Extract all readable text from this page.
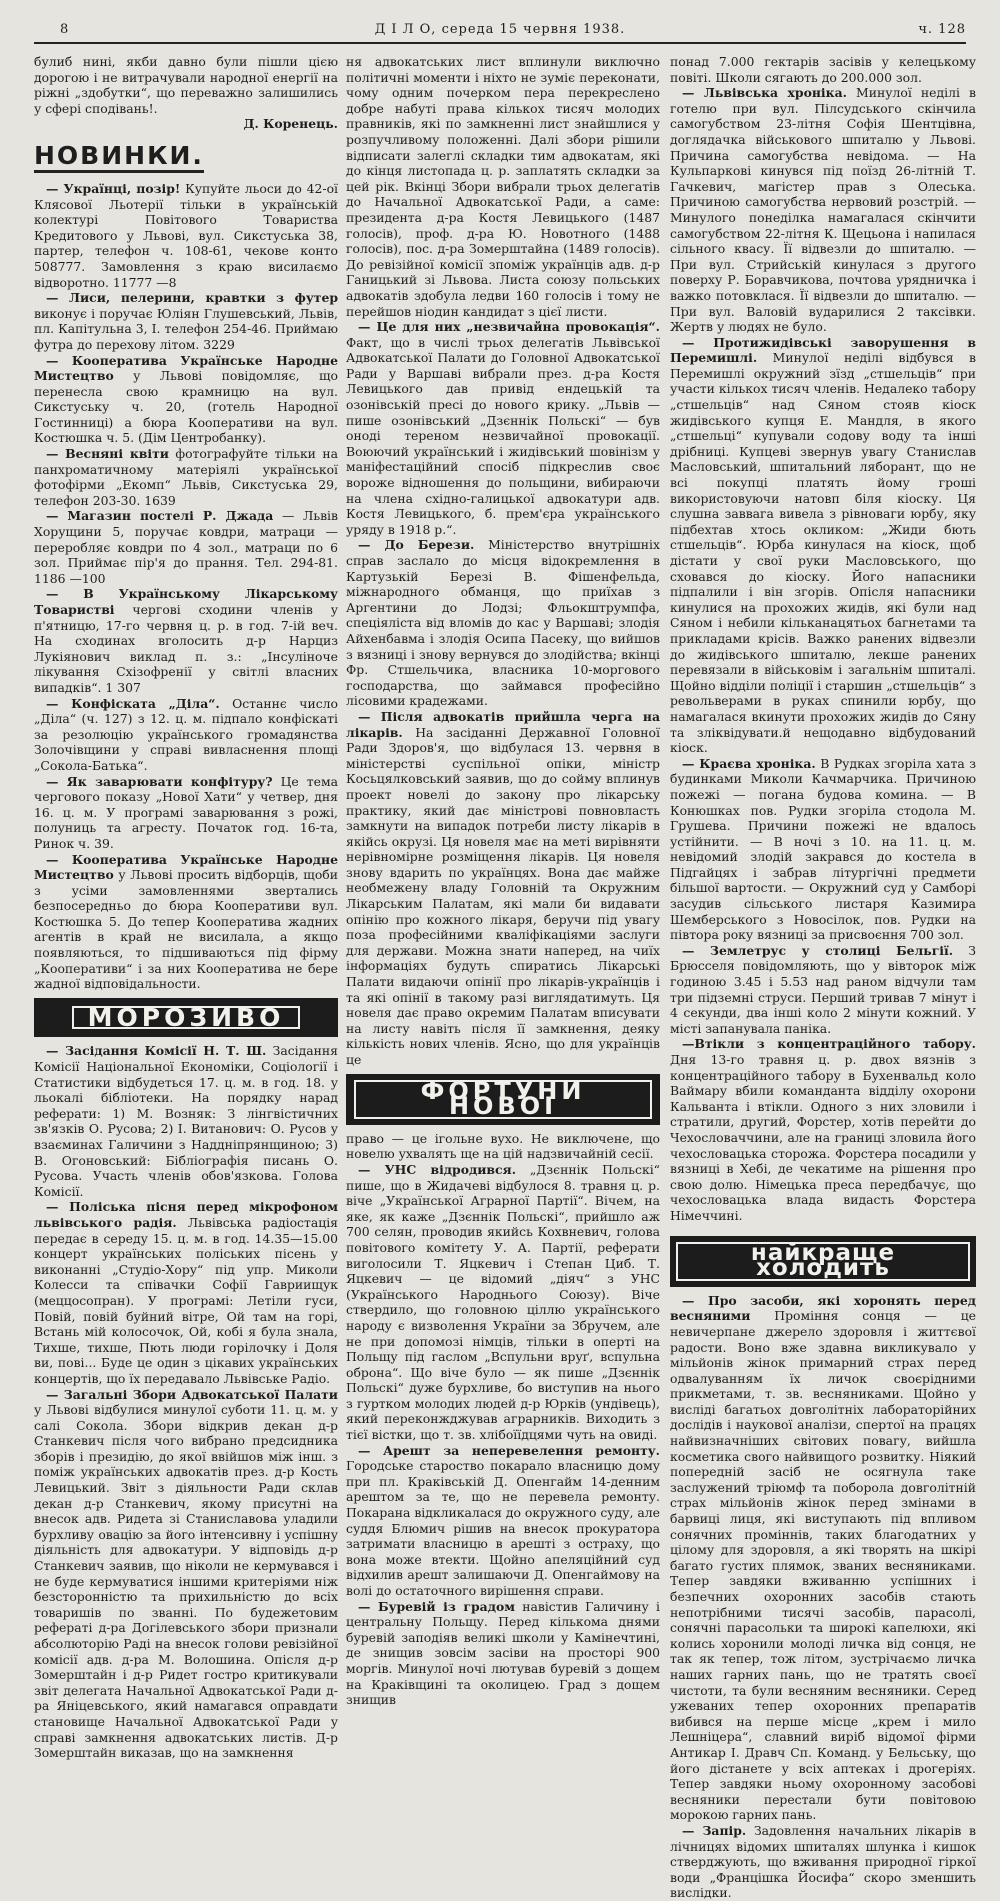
8	Д І Л О, середа 15 червня 1938.	ч. 128

булиб нині, якби давно були пішли цією дорогою і не витрачували народної енергії на ріжні „здобутки“, що переважно залишились у сфері сподівань!.

Д. Коренець.
НОВИНКИ.

— Українці, позір! Купуйте льоси до 42-ої Клясової Льотерії тільки в українській колектурі Повітового Товариства Кредитового у Львові, вул. Сикстуська 38, партер, телефон ч. 108-61, чекове конто 508777. Замовлення з краю висилаємо відворотно. 11777 —8

— Лиси, пелерини, кравтки з футер виконує і поручає Юліян Глушевський, Львів, пл. Капітульна 3, І. телефон 254-46. Приймаю футра до перехову літом. 3229

— Кооператива Українське Народне Мистецтво у Львові повідомляє, що перенесла свою крамницю на вул. Сикстуську ч. 20, (готель Народної Гостинниці) а бюра Кооперативи на вул. Костюшка ч. 5. (Дім Центробанку).

— Весняні квіти фотографуйте тільки на панхроматичному матеріялі української фотофірми „Екомп“ Львів, Сикстуська 29, телефон 203-30. 1639

— Магазин постелі Р. Джада — Львів Хорущини 5, поручає ковдри, матраци — переробляє ковдри по 4 зол., матраци по 6 зол. Приймає пір'я до прання. Тел. 294-81. 1186 —100

— В Українському Лікарському Товаристві чергові сходини членів у п'ятницю, 17-го червня ц. р. в год. 7-ій веч. На сходинах вголосить д-р Нарциз Лукіянович виклад п. з.: „Інсуліноче лікування Схізофренії у світлі власних випадків“. 1 307

— Конфіската „Діла“. Останнє число „Діла“ (ч. 127) з 12. ц. м. підпало конфіскаті за резолюцію українського громадянства Золочівщини у справі вивласнення площі „Сокола-Батька“.

— Як заварювати конфітуру? Це тема чергового показу „Нової Хати“ у четвер, дня 16. ц. м. У програмі заварювання з рожі, полуниць та агресту. Початок год. 16-та, Ринок ч. 39.

— Кооператива Українське Народне Мистецтво у Львові просить відборців, щоби з усіми замовленнями звертались безпосередньо до бюра Кооперативи вул. Костюшка 5. До тепер Кооператива жадних агентів в край не висилала, а якщо появляються, то підшиваються під фірму „Кооперативи“ і за них Кооператива не бере жадної відповідальности.

МОРОЗИВО

— Засідання Комісії Н. Т. Ш. Засідання Комісії Національної Економіки, Соціології і Статистики відбудеться 17. ц. м. в год. 18. у льокалі бібліотеки. На порядку нарад реферати: 1) М. Возняк: З лінгвістичних зв'язків О. Русова; 2) І. Витанович: О. Русов у взаєминах Галичини з Наддніпрянщиною; 3) В. Огоновський: Бібліографія писань О. Русова. Участь членів обов'язкова. Голова Комісії.

— Поліська пісня перед мікрофоном львівського радія. Львівська радіостація передає в середу 15. ц. м. в год. 14.35—15.00 концерт українських поліських пісень у виконанні „Студіо-Хору“ під упр. Миколи Колесси та співачки Софії Гавриищук (меццосопран). У програмі: Летіли гуси, Повій, повій буйний вітре, Ой там на горі, Встань мій колосочок, Ой, кобі я була знала, Тихше, тихше, Пють люди горілочку і Доля ви, пові... Буде це один з цікавих українських концертів, що їх передавало Львівське Радіо.

— Загальні Збори Адвокатської Палати у Львові відбулися минулої суботи 11. ц. м. у салі Сокола. Збори відкрив декан д-р Станкевич після чого вибрано предсидника зборів і президію, до якої ввійшов між інш. з поміж українських адвокатів през. д-р Кость Левицький. Звіт з діяльности Ради склав декан д-р Станкевич, якому присутні на внесок адв. Ридета зі Станиславова уладили бурхливу овацію за його інтенсивну і успішну діяльність для адвокатури. У відповідь д-р Станкевич заявив, що ніколи не кермувався і не буде кермуватися іншими критеріями ніж безсторонністю та прихильністю до всіх товаришів по званні. По будежетовим рефераті д-ра Догілевського збори признали абсолюторію Раді на внесок голови ревізійної комісії адв. д-ра М. Волошина. Опісля д-р Зомерштайн і д-р Ридет гостро критикували звіт делегата Начальної Адвокатської Ради д-ра Яніцевського, який намагався оправдати становище Начальної Адвокатської Ради у справі замкнення адвокатських листів. Д-р Зомерштайн виказав, що на замкнення

ня адвокатських лист вплинули виключно політичні моменти і ніхто не зуміє переконати, чому одним почерком пера перекреслено добре набуті права кількох тисяч молодих правників, які по замкненні лист знайшлися у розпучливому положенні. Далі збори рішили відписати залеглі складки тим адвокатам, які до кінця листопада ц. р. заплатять складки за цей рік. Вкінці Збори вибрали трьох делегатів до Начальної Адвокатської Ради, а саме: президента д-ра Костя Левицького (1487 голосів), проф. д-ра Ю. Новотного (1488 голосів), пос. д-ра Зомерштайна (1489 голосів). До ревізійної комісії зпоміж українців адв. д-р Ганицький зі Львова. Листа союзу польських адвокатів здобула ледви 160 голосів і тому не перейшов ніодин кандидат з цієї листи.

— Це для них „незвичайна провокація“. Факт, що в числі трьох делегатів Львівської Адвокатської Палати до Головної Адвокатської Ради у Варшаві вибрали през. д-ра Костя Левицького дав привід ендецькій та озонівській пресі до нового крику. „Львів — пише озонівський „Дзєннік Польскі“ — був оноді тереном незвичайної провокації. Воюючий український і жидівський шовінізм у маніфестаційний спосіб підкреслив своє вороже відношення до польщини, вибираючи на члена східно-галицької адвокатури адв. Костя Левицького, б. прем'єра українського уряду в 1918 р.“.

— До Берези. Міністерство внутрішніх справ заслало до місця відокремлення в Картузькій Березі В. Фішенфельда, міжнародного обманця, що приїхав з Аргентини до Лодзі; Фльокштрумпфа, спеціяліста від вломів до кас у Варшаві; злодія Айхенбавма і злодія Осипа Пасеку, що вийшов з вязниці і знову вернувся до злодійства; вкінці Фр. Стшельчика, власника 10-моргового господарства, що займався професійно лісовими крадежами.

— Після адвокатів прийшла черга на лікарів. На засіданні Державної Головної Ради Здоров'я, що відбулася 13. червня в міністерстві суспільної опіки, міністр Косьцялковський заявив, що до сойму вплинув проект новелі до закону про лікарську практику, який дає міністрові повновласть замкнути на випадок потреби листу лікарів в якійсь окрузі. Ця новеля має на меті вирівняти нерівномірне розміщення лікарів. Ця новеля знову вдарить по українцях. Вона дає майже необмежену владу Головній та Окружним Лікарським Палатам, які мали би видавати опінію про кожного лікаря, беручи під увагу поза професійними кваліфікаціями заслуги для держави. Можна знати наперед, на чиїх інформаціях будуть спиратись Лікарські Палати видаючи опінії про лікарів-українців і та які опінії в такому разі виглядатимуть. Ця новеля дає право окремим Палатам вписувати на листу навіть після її замкнення, деяку кількість нових членів. Ясно, що для українців це

ФОРТУНИ НОВОІ

право — це ігольне вухо. Не виключене, що новелю ухвалять ще на цій надзвичайній сесії.

— УНС відродився. „Дзєннік Польскі“ пише, що в Жидачеві відбулося 8. травня ц. р. віче „Української Аграрної Партії“. Вічем, на яке, як каже „Дзєннік Польскі“, прийшло аж 700 селян, проводив якийсь Кохвневич, голова повітового комітету У. А. Партії, реферати виголосили Т. Яцкевич і Степан Циб. Т. Яцкевич — це відомий „діяч“ з УНС (Українського Народнього Союзу). Віче ствердило, що головною ціллю українського народу є визволення України за Збручем, але не при допомозі німців, тільки в опертi на Польщу під гаслом „Вспульни вруґ, вспульна оброна“. Що віче було — як пише „Дзєннік Польскі“ дуже бурхливе, бо виступив на нього з гуртком молодих людей д-р Юрків (ундівець), який переконжджував аграрників. Виходить з тієї вістки, що т. зв. хлібоїїдцями чуть на овиді.

— Арешт за неперевелення ремонту. Городське староство покарало власницю дому при пл. Краківській Д. Опенгайм 14-денним арештом за те, що не перевела ремонту. Покарана відкликалася до окружного суду, але суддя Блюмич рішив на внесок прокуратора затримати власницю в арешті з остраху, що вона може втекти. Щойно апеляційний суд відхилив арешт залишаючи Д. Опенгаймову на волі до остаточного вирішення справи.

— Буревій із градом навістив Галичину і центральну Польщу. Перед кількома днями буревій заподіяв великі школи у Камінечтині, де знищив зовсім засіви на просторі 900 моргів. Минулої ночі лютував буревій з дощем на Краківщині та околицею. Град з дощем знищив

понад 7.000 гектарів засівів у келецькому повіті. Школи сягають до 200.000 зол.

— Львівська хроніка. Минулої неділі в готелю при вул. Пілсудського скінчила самогубством 23-літня Софія Шентцівна, доглядачка військового шпиталю у Львові. Причина самогубства невідома. — На Кульпаркові кинувся під поїзд 26-літній Т. Гачкевич, магістер прав з Олеська. Причиною самогубства нервовий розстрій. — Минулого понеділка намагалася скінчити самогубством 22-літня К. Щецьона і напилася сільного квасу. Її відвезли до шпиталю. — При вул. Стрийській кинулася з другого поверху Р. Боравчикова, почтова урядничка і важко потовклася. Її відвезли до шпиталю. — При вул. Валовій вударилися 2 таксівки. Жертв у людях не було.

— Протижидівські заворушення в Перемишлі. Минулої неділі відбувся в Перемишлі окружний зїзд „стшельців“ при участи кількох тисяч членів. Недалеко табору „стшельців“ над Сяном стояв кіоск жидівського купця Е. Мандля, в якого „стшельці“ купували содову воду та інші дрібниці. Купцеві звернув увагу Станислав Масловський, шпитальний ляборант, що не всі покупці платять йому гроші використовуючи натовп біля кіоску. Ця слушна заввага вивела з рівноваги юрбу, яку підбехтав хтось окликом: „Жиди бють стшельців“. Юрба кинулася на кіоск, щоб дістати у свої руки Масловського, що сховався до кіоску. Його напасники підпалили і він згорів. Опісля напасники кинулися на прохожих жидів, які були над Сяном і небили кільканацятьох багнетами та прикладами крісів. Важко ранених відвезли до жидівського шпиталю, лекше ранених перевязали в військовім і загальнім шпиталі. Щойно відділи поліції і старшин „стшельців“ з револьверами в руках спинили юрбу, що намагалася вкинути прохожих жидів до Сяну та зліквідувати.й нещодавно відбудований кіоск.

— Краєва хроніка. В Рудках згоріла хата з будинками Миколи Качмарчика. Причиною пожежі — погана будова комина. — В Конюшках пов. Рудки згоріла стодола М. Грушева. Причини пожежі не вдалось устійнити. — В ночі з 10. на 11. ц. м. невідомий злодій закрався до костела в Підгайцях і забрав літургічні предмети більшої вартости. — Окружний суд у Самборі засудив сільського листаря Казимира Шемберського з Новосілок, пов. Рудки на півтора року вязниці за присвоєння 700 зол.

— Землетрус у столиці Бельгії. З Брюсселя повідомляють, що у вівторок між годиною 3.45 і 5.53 над раном відчули там три підземні струси. Перший тривав 7 мінут і 4 секунди, два інші коло 2 мінути кожний. У місті запанувала паніка.

—Втікли з концентраційного табору. Дня 13-го травня ц. р. двох вязнів з концентраційного табору в Бухенвальд коло Ваймару вбили команданта відділу охорони Кальванта і втікли. Одного з них зловили і стратили, другий, Форстер, хотів перейти до Чехословаччини, але на границі зловила його чехословацька сторожа. Форстера посадили у вязниці в Хебі, де чекатиме на рішення про свою долю. Німецька преса передбачує, що чехословацька влада видасть Форстера Німеччині.

найкраще холодить

— Про засоби, які хоронять перед весняними Проміння сонця — це невичерпане джерело здоровля і життєвої радости. Воно вже здавна викликувало у мільйонів жінок примарний страх перед одвалуванням їх личок своєрідними прикметами, т. зв. весняниками. Щойно у висліді багатьох довголітніх лабораторійних дослідів і наукової аналізи, спертої на працях найвизначніших світових повагу, вийшла косметика свого найвищого розвитку. Ніякий попередній засіб не осягнула таке заслужений тріюмф та поборола довголітній страх мільйонів жінок перед змінами в барвиці лиця, які виступають під впливом сонячних проміннів, таких благодатних у цілому для здоровля, а які творять на шкірі багато густих плямок, званих весняниками. Тепер завдяки вживанню успішних і безпечних охоронних засобів стають непотрібними тисячі засобів, парасолі, сонячні парасольки та широкі капелюхи, які колись хоронили молоді личка від сонця, не так як тепер, тож літом, зустрічаємо личка наших гарних пань, що не тратять своєї чистоти, та були весняним весняники. Серед ужеваних тепер охоронних препаратів вибився на перше місце „крем і мило Лешніцера“, славний виріб відомої фірми Антикар І. Дравч Сп. Команд. у Бельську, що його дістанете у всіх аптеках і дрогеріях. Тепер завдяки ньому охоронному засобові весняники перестали бути повітовою морокою гарних пань.

— Запір. Задовлення начальних лікарів в лічницях відомих шпиталях шлунка і кишок стверджують, що вживання природної гіркої води „Францішка Йосифа“ скоро зменшить вислідки.
